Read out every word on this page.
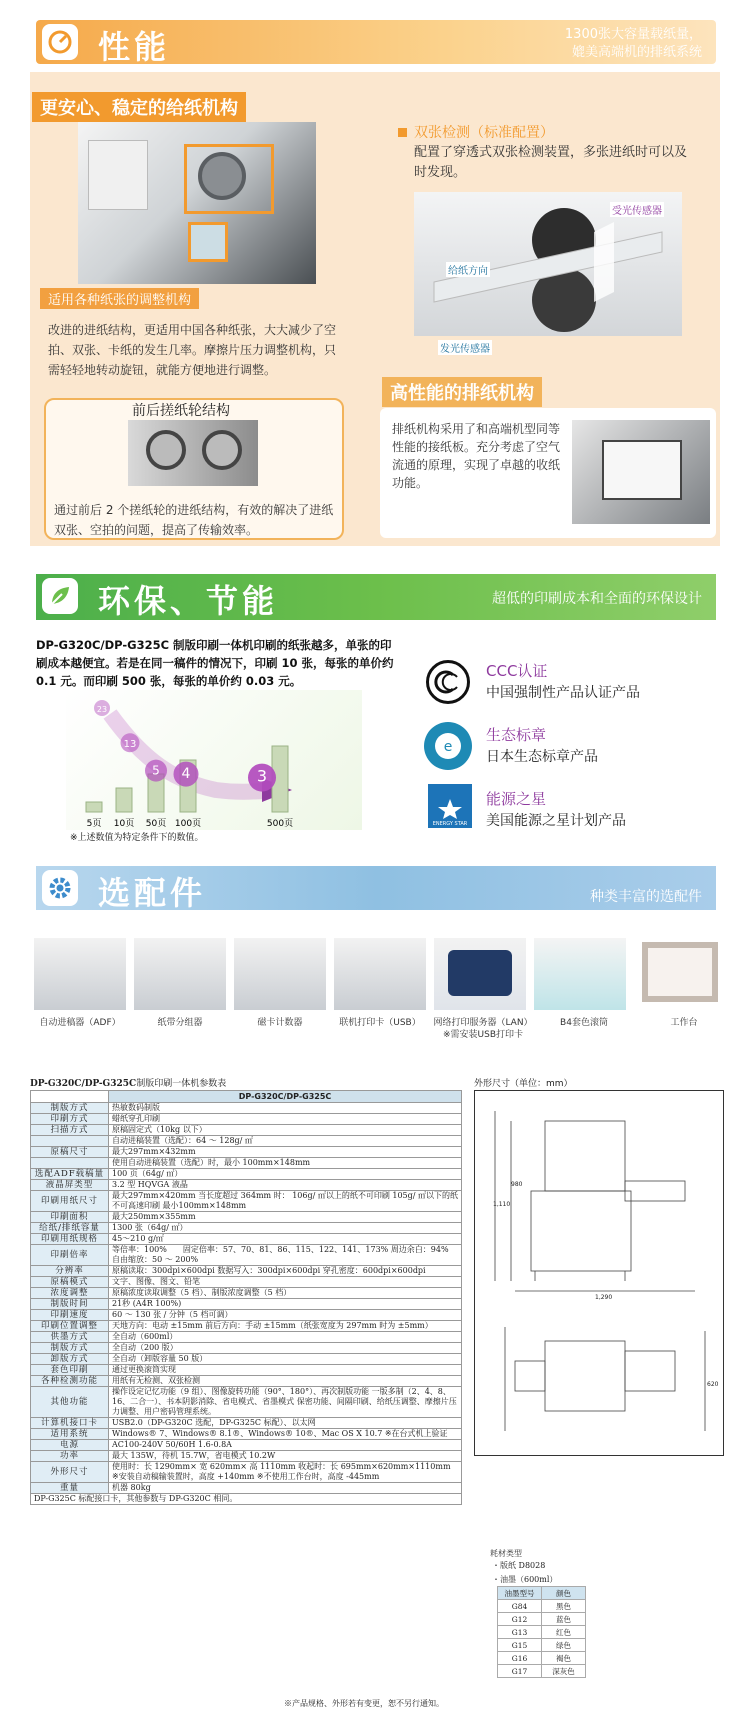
性能	1300张大容量载纸量，
媲美高端机的排纸系统
更安心、稳定的给纸机构
适用各种纸张的调整机构
改进的进纸结构，更适用中国各种纸张，大大减少了空拍、双张、卡纸的发生几率。摩擦片压力调整机构，只需轻轻地转动旋钮，就能方便地进行调整。
前后搓纸轮结构
通过前后 2 个搓纸轮的进纸结构，有效的解决了进纸双张、空拍的问题，提高了传输效率。
双张检测（标准配置）
配置了穿透式双张检测装置，多张进纸时可以及时发现。
受光传感器
给纸方向
发光传感器
高性能的排纸机构
排纸机构采用了和高端机型同等性能的接纸板。充分考虑了空气流通的原理，实现了卓越的收纸功能。
环保、节能	超低的印刷成本和全面的环保设计
DP-G320C/DP-G325C 制版印刷一体机印刷的纸张越多，单张的印刷成本越便宜。若是在同一稿件的情况下，印刷 10 张，每张的单价约 0.1 元。而印刷 500 张，每张的单价约 0.03 元。
23
13
5 4	3
5页 10页 50页 100页	500页
※上述数值为特定条件下的数值。
CCC认证
中国强制性产品认证产品
e
生态标章
日本生态标章产品
ENERGY STAR
能源之星
美国能源之星计划产品
选配件	种类丰富的选配件
自动进稿器（ADF）	纸带分组器	磁卡计数器	联机打印卡（USB）	网络打印服务器（LAN）
※需安装USB打印卡
B4套色滚筒	工作台
DP-G320C/DP-G325C制版印刷一体机参数表
	DP-G320C/DP-G325C
制版方式	热敏数码制版
印刷方式	蜡纸穿孔印刷
扫描方式	原稿固定式（10kg 以下）
	自动进稿装置（选配）：64 ～ 128g/ ㎡
原稿尺寸	最大297mm×432mm
	使用自动进稿装置（选配）时，最小 100mm×148mm
选配ADF载稿量	100 页（64g/ ㎡）
液晶屏类型	3.2 型 HQVGA 液晶
印刷用纸尺寸	最大297mm×420mm 当长度超过 364mm 时： 106g/ ㎡以上的纸不可印刷 105g/ ㎡以下的纸不可高速印刷 最小100mm×148mm
印刷面积	最大250mm×355mm
给纸/排纸容量	1300 张（64g/ ㎡）
印刷用纸规格	45～210 g/㎡
印刷倍率	等倍率：100%　　固定倍率：57、70、81、86、115、122、141、173% 周边余白：94%　　自由缩放：50 ～ 200%
分辨率	原稿读取：300dpi×600dpi 数据写入：300dpi×600dpi 穿孔密度：600dpi×600dpi
原稿模式	文字、图像、图文、铅笔
浓度调整	原稿浓度读取调整（5 档）、制版浓度调整（5 档）
制版时间	21秒 (A4R 100%)
印刷速度	60 ～ 130 张 / 分钟（5 档可调）
印刷位置调整	天地方向：电动 ±15mm 前后方向：手动 ±15mm（纸张宽度为 297mm 时为 ±5mm）
供墨方式	全自动（600ml）
制版方式	全自动（200 版）
卸版方式	全自动（卸版容量 50 版）
套色印刷	通过更换滚筒实现
各种检测功能	用纸有无检测、双张检测
其他功能	操作设定记忆功能（9 组）、图像旋转功能（90°、180°）、再次制版功能 一版多制（2、4、8、16、二合一）、书本阴影消除、省电模式、省墨模式 保密功能、间隔印刷、给纸压调整、摩擦片压力调整、用户密码管理系统。
计算机接口卡	USB2.0（DP-G320C 选配，DP-G325C 标配）、以太网
适用系统	Windows® 7、Windows® 8.1®、Windows® 10®、Mac OS X 10.7 ※在台式机上验证
电源	AC100-240V 50/60H 1.6-0.8A
功率	最大 135W，待机 15.7W，省电模式 10.2W
外形尺寸	使用时：长 1290mm× 宽 620mm× 高 1110mm 收起时：长 695mm×620mm×1110mm ※安装自动稿输装置时，高度 +140mm ※不使用工作台时，高度 -445mm
重量	机器 80kg
DP-G325C 标配接口卡，其他参数与 DP-G320C 相同。	
※产品规格、外形若有变更，恕不另行通知。
外形尺寸（单位：mm）
980
1,110
1,290
620
耗材类型
・版纸 D8028
・油墨（600ml）
油墨型号	颜色
G84	黑色
G12	蓝色
G13	红色
G15	绿色
G16	褐色
G17	深灰色
